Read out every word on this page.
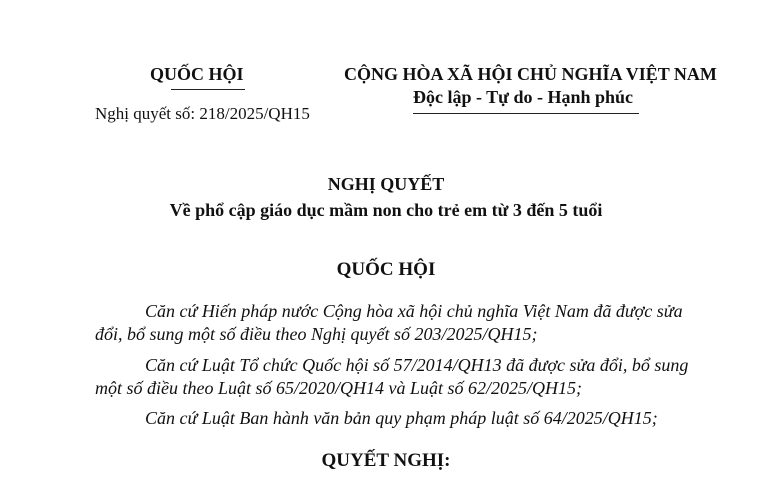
QUỐC HỘI
Nghị quyết số: 218/2025/QH15
CỘNG HÒA XÃ HỘI CHỦ NGHĨA VIỆT NAM
Độc lập - Tự do - Hạnh phúc
NGHỊ QUYẾT
Về phổ cập giáo dục mầm non cho trẻ em từ 3 đến 5 tuổi
QUỐC HỘI
Căn cứ Hiến pháp nước Cộng hòa xã hội chủ nghĩa Việt Nam đã được sửa
đổi, bổ sung một số điều theo Nghị quyết số 203/2025/QH15;
Căn cứ Luật Tổ chức Quốc hội số 57/2014/QH13 đã được sửa đổi, bổ sung
một số điều theo Luật số 65/2020/QH14 và Luật số 62/2025/QH15;
Căn cứ Luật Ban hành văn bản quy phạm pháp luật số 64/2025/QH15;
QUYẾT NGHỊ:
